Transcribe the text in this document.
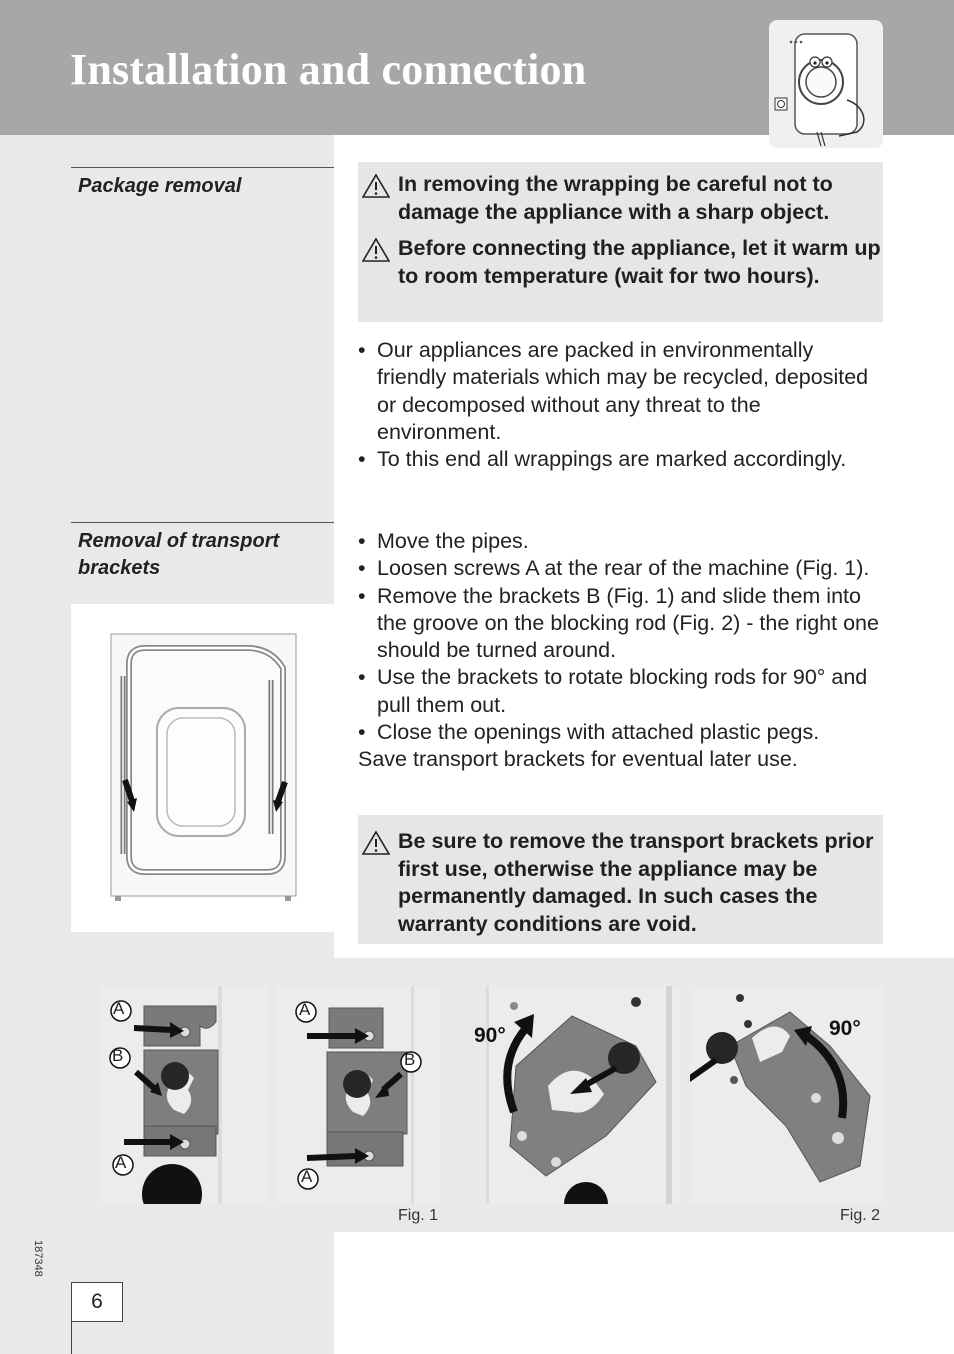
Installation and connection
Package removal	In removing the wrapping be careful not to damage the appliance with a sharp object.
Before connecting the appliance, let it warm up to room temperature (wait for two hours).
• Our appliances are packed in environmentally friendly materials which may be recycled, deposited or decomposed without any threat to the environment.
• To this end all wrappings are marked accordingly.
Removal of transport brackets
• Move the pipes.
• Loosen screws A at the rear of the machine (Fig. 1).
• Remove the brackets B (Fig. 1) and slide them into the groove on the blocking rod (Fig. 2) - the right one should be turned around.
• Use the brackets to rotate blocking rods for 90° and pull them out.
• Close the openings with attached plastic pegs.
Save transport brackets for eventual later use.
Be sure to remove the transport brackets prior first use, otherwise the appliance may be permanently damaged. In such cases the warranty conditions are void.
A
B
A
A
B
A
Fig. 1
90°	90°
Fig. 2
187348
6
